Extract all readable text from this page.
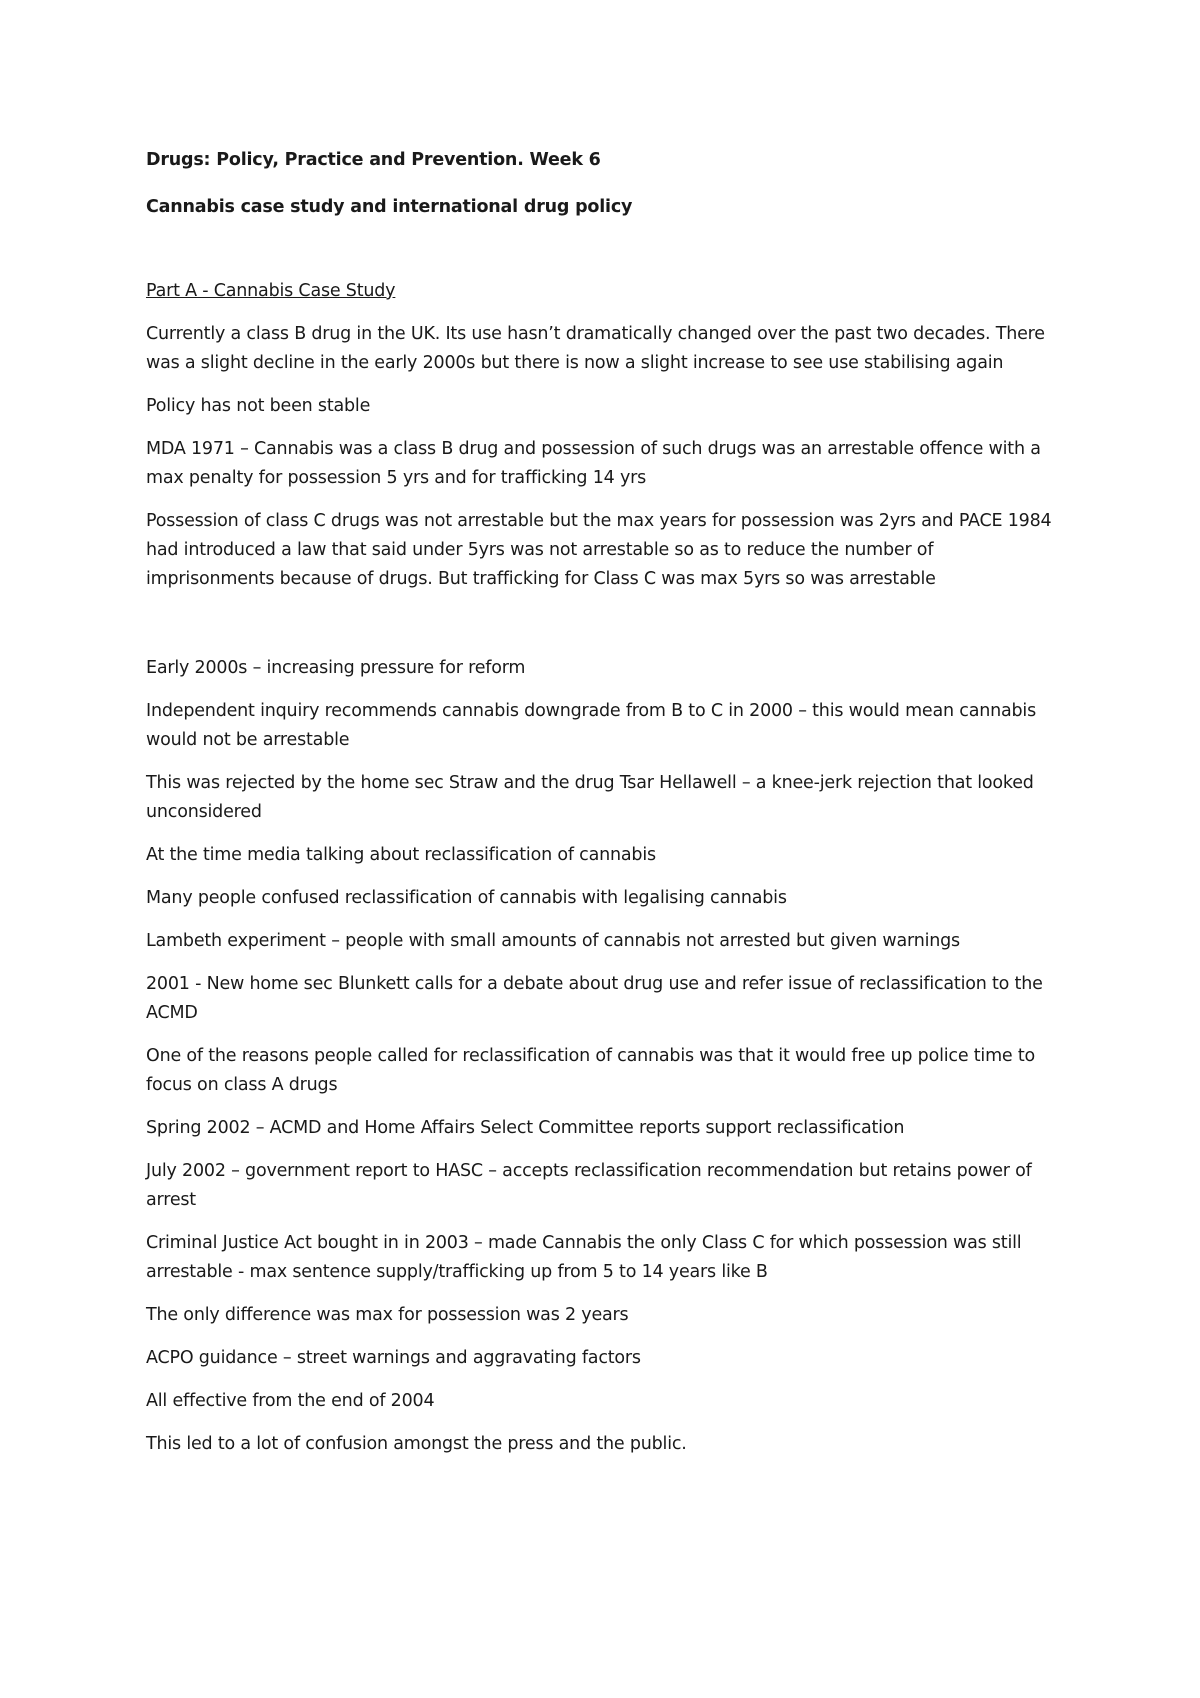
Drugs: Policy, Practice and Prevention. Week 6

Cannabis case study and international drug policy

Part A - Cannabis Case Study

Currently a class B drug in the UK. Its use hasn’t dramatically changed over the past two decades. There was a slight decline in the early 2000s but there is now a slight increase to see use stabilising again

Policy has not been stable

MDA 1971 – Cannabis was a class B drug and possession of such drugs was an arrestable offence with a max penalty for possession 5 yrs and for trafficking 14 yrs

Possession of class C drugs was not arrestable but the max years for possession was 2yrs and PACE 1984 had introduced a law that said under 5yrs was not arrestable so as to reduce the number of imprisonments because of drugs. But trafficking for Class C was max 5yrs so was arrestable

Early 2000s – increasing pressure for reform

Independent inquiry recommends cannabis downgrade from B to C in 2000 – this would mean cannabis would not be arrestable

This was rejected by the home sec Straw and the drug Tsar Hellawell – a knee-jerk rejection that looked unconsidered

At the time media talking about reclassification of cannabis

Many people confused reclassification of cannabis with legalising cannabis

Lambeth experiment – people with small amounts of cannabis not arrested but given warnings

2001 - New home sec Blunkett calls for a debate about drug use and refer issue of reclassification to the ACMD

One of the reasons people called for reclassification of cannabis was that it would free up police time to focus on class A drugs

Spring 2002 – ACMD and Home Affairs Select Committee reports support reclassification

July 2002 – government report to HASC – accepts reclassification recommendation but retains power of arrest

Criminal Justice Act bought in in 2003 – made Cannabis the only Class C for which possession was still arrestable - max sentence supply/trafficking up from 5 to 14 years like B

The only difference was max for possession was 2 years

ACPO guidance – street warnings and aggravating factors

All effective from the end of 2004

This led to a lot of confusion amongst the press and the public.
